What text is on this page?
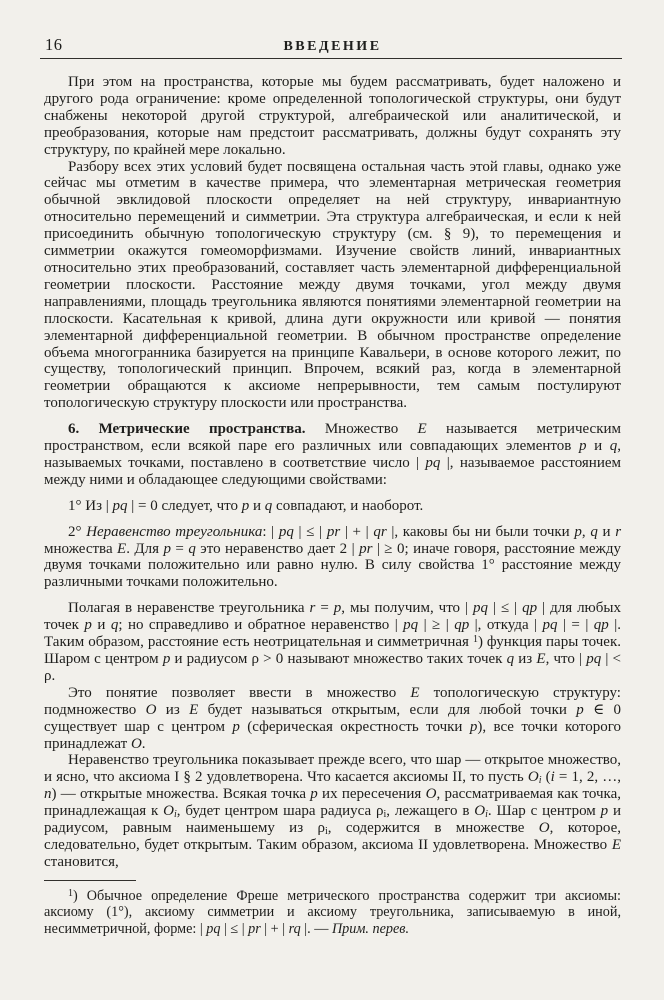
16	ВВЕДЕНИЕ

При этом на пространства, которые мы будем рассматривать, будет наложено и другого рода ограничение: кроме определенной топологической структуры, они будут снабжены некоторой другой структурой, алгебраической или аналитической, и преобразования, которые нам предстоит рассматривать, должны будут сохранять эту структуру, по крайней мере локально.

Разбору всех этих условий будет посвящена остальная часть этой главы, однако уже сейчас мы отметим в качестве примера, что элементарная метрическая геометрия обычной эвклидовой плоскости определяет на ней структуру, инвариантную относительно перемещений и симметрии. Эта структура алгебраическая, и если к ней присоединить обычную топологическую структуру (см. § 9), то перемещения и симметрии окажутся гомеоморфизмами. Изучение свойств линий, инвариантных относительно этих преобразований, составляет часть элементарной дифференциальной геометрии плоскости. Расстояние между двумя точками, угол между двумя направлениями, площадь треугольника являются понятиями элементарной геометрии на плоскости. Касательная к кривой, длина дуги окружности или кривой — понятия элементарной дифференциальной геометрии. В обычном пространстве определение объема многогранника базируется на принципе Кавальери, в основе которого лежит, по существу, топологический принцип. Впрочем, всякий раз, когда в элементарной геометрии обращаются к аксиоме непрерывности, тем самым постулируют топологическую структуру плоскости или пространства.

6. Метрические пространства. Множество E называется метрическим пространством, если всякой паре его различных или совпадающих элементов p и q, называемых точками, поставлено в соответствие число | pq |, называемое расстоянием между ними и обладающее следующими свойствами:

1° Из | pq | = 0 следует, что p и q совпадают, и наоборот.

2° Неравенство треугольника: | pq | ≤ | pr | + | qr |, каковы бы ни были точки p, q и r множества E. Для p = q это неравенство дает 2 | pr | ≥ 0; иначе говоря, расстояние между двумя точками положительно или равно нулю. В силу свойства 1° расстояние между различными точками положительно.

Полагая в неравенстве треугольника r = p, мы получим, что | pq | ≤ | qp | для любых точек p и q; но справедливо и обратное неравенство | pq | ≥ | qp |, откуда | pq | = | qp |. Таким образом, расстояние есть неотрицательная и симметричная $^1$) функция пары точек. Шаром с центром p и радиусом ρ > 0 называют множество таких точек q из E, что | pq | < ρ.

Это понятие позволяет ввести в множество E топологическую структуру: подмножество O из E будет называться открытым, если для любой точки p ∈ 0 существует шар с центром p (сферическая окрестность точки p), все точки которого принадлежат O.

Неравенство треугольника показывает прежде всего, что шар — открытое множество, и ясно, что аксиома I § 2 удовлетворена. Что касается аксиомы II, то пусть $O_i$ (i = 1, 2, …, n) — открытые множества. Всякая точка p их пересечения O, рассматриваемая как точка, принадлежащая к $O_i$, будет центром шара радиуса $\rho_i$, лежащего в $O_i$. Шар с центром p и радиусом, равным наименьшему из $\rho_i$, содержится в множестве O, которое, следовательно, будет открытым. Таким образом, аксиома II удовлетворена. Множество E становится,

$^1$) Обычное определение Фреше метрического пространства содержит три аксиомы: аксиому (1°), аксиому симметрии и аксиому треугольника, записываемую в иной, несимметричной, форме: | pq | ≤ | pr | + | rq |. — Прим. перев.
